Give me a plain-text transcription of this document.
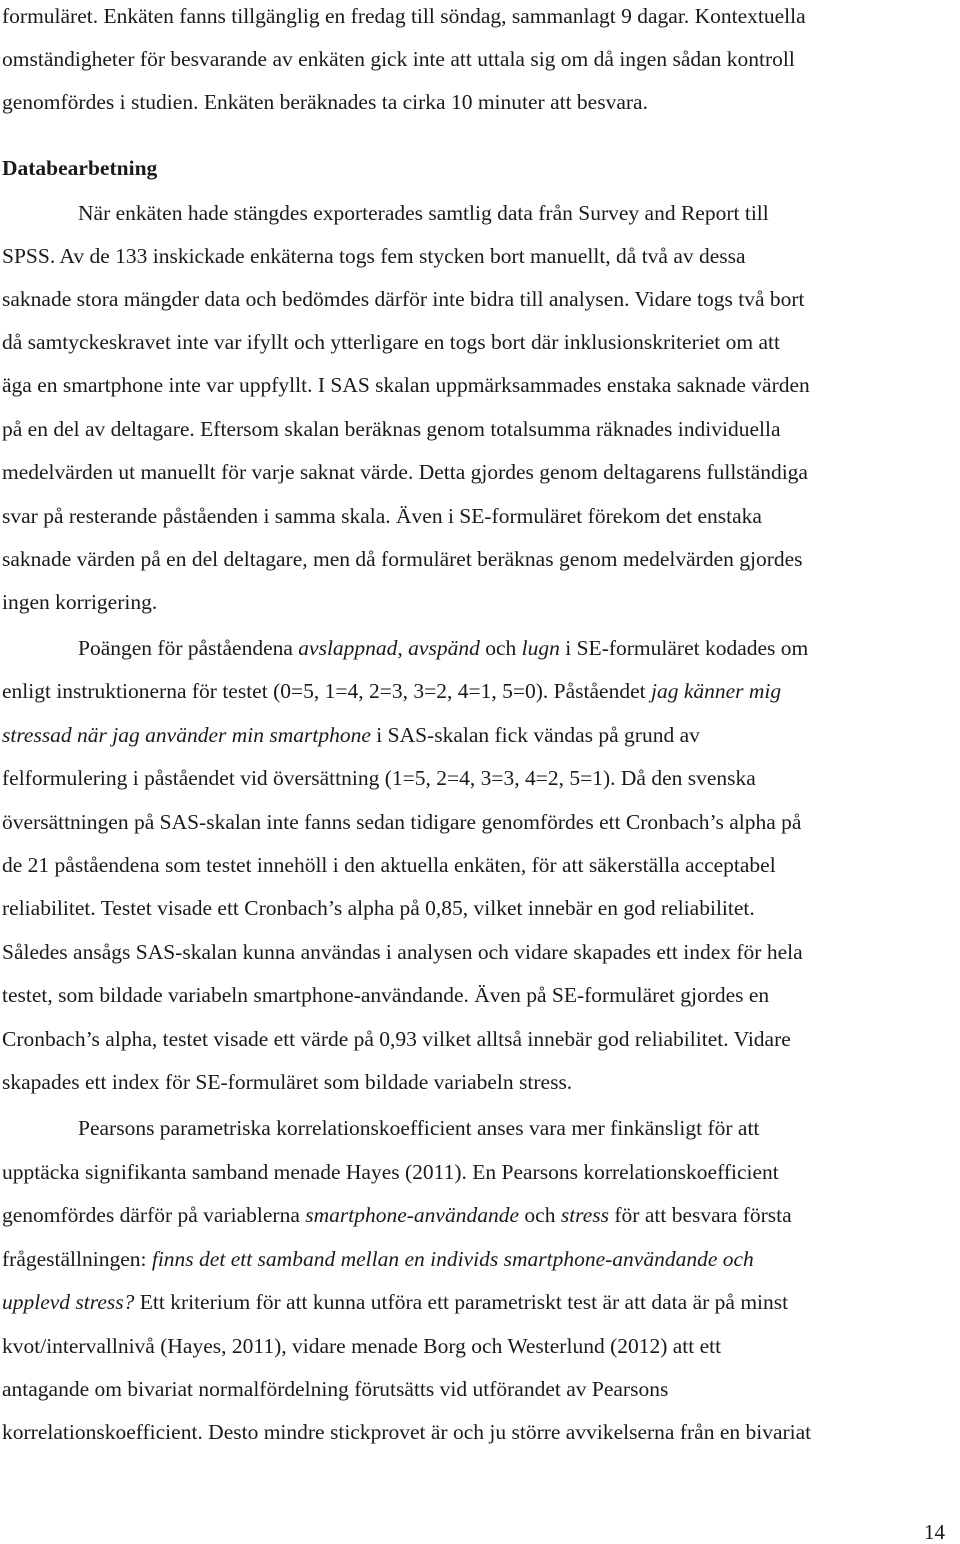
formuläret. Enkäten fanns tillgänglig en fredag till söndag, sammanlagt 9 dagar. Kontextuella
omständigheter för besvarande av enkäten gick inte att uttala sig om då ingen sådan kontroll
genomfördes i studien. Enkäten beräknades ta cirka 10 minuter att besvara.
Databearbetning
När enkäten hade stängdes exporterades samtlig data från Survey and Report till
SPSS. Av de 133 inskickade enkäterna togs fem stycken bort manuellt, då två av dessa
saknade stora mängder data och bedömdes därför inte bidra till analysen. Vidare togs två bort
då samtyckeskravet inte var ifyllt och ytterligare en togs bort där inklusionskriteriet om att
äga en smartphone inte var uppfyllt. I SAS skalan uppmärksammades enstaka saknade värden
på en del av deltagare. Eftersom skalan beräknas genom totalsumma räknades individuella
medelvärden ut manuellt för varje saknat värde. Detta gjordes genom deltagarens fullständiga
svar på resterande påståenden i samma skala. Även i SE-formuläret förekom det enstaka
saknade värden på en del deltagare, men då formuläret beräknas genom medelvärden gjordes
ingen korrigering.
Poängen för påståendena avslappnad, avspänd och lugn i SE-formuläret kodades om
enligt instruktionerna för testet (0=5, 1=4, 2=3, 3=2, 4=1, 5=0). Påståendet jag känner mig
stressad när jag använder min smartphone i SAS-skalan fick vändas på grund av
felformulering i påståendet vid översättning (1=5, 2=4, 3=3, 4=2, 5=1). Då den svenska
översättningen på SAS-skalan inte fanns sedan tidigare genomfördes ett Cronbach’s alpha på
de 21 påståendena som testet innehöll i den aktuella enkäten, för att säkerställa acceptabel
reliabilitet. Testet visade ett Cronbach’s alpha på 0,85, vilket innebär en god reliabilitet.
Således ansågs SAS-skalan kunna användas i analysen och vidare skapades ett index för hela
testet, som bildade variabeln smartphone-användande. Även på SE-formuläret gjordes en
Cronbach’s alpha, testet visade ett värde på 0,93 vilket alltså innebär god reliabilitet. Vidare
skapades ett index för SE-formuläret som bildade variabeln stress.
Pearsons parametriska korrelationskoefficient anses vara mer finkänsligt för att
upptäcka signifikanta samband menade Hayes (2011). En Pearsons korrelationskoefficient
genomfördes därför på variablerna smartphone-användande och stress för att besvara första
frågeställningen: finns det ett samband mellan en individs smartphone-användande och
upplevd stress? Ett kriterium för att kunna utföra ett parametriskt test är att data är på minst
kvot/intervallnivå (Hayes, 2011), vidare menade Borg och Westerlund (2012) att ett
antagande om bivariat normalfördelning förutsätts vid utförandet av Pearsons
korrelationskoefficient. Desto mindre stickprovet är och ju större avvikelserna från en bivariat
14
